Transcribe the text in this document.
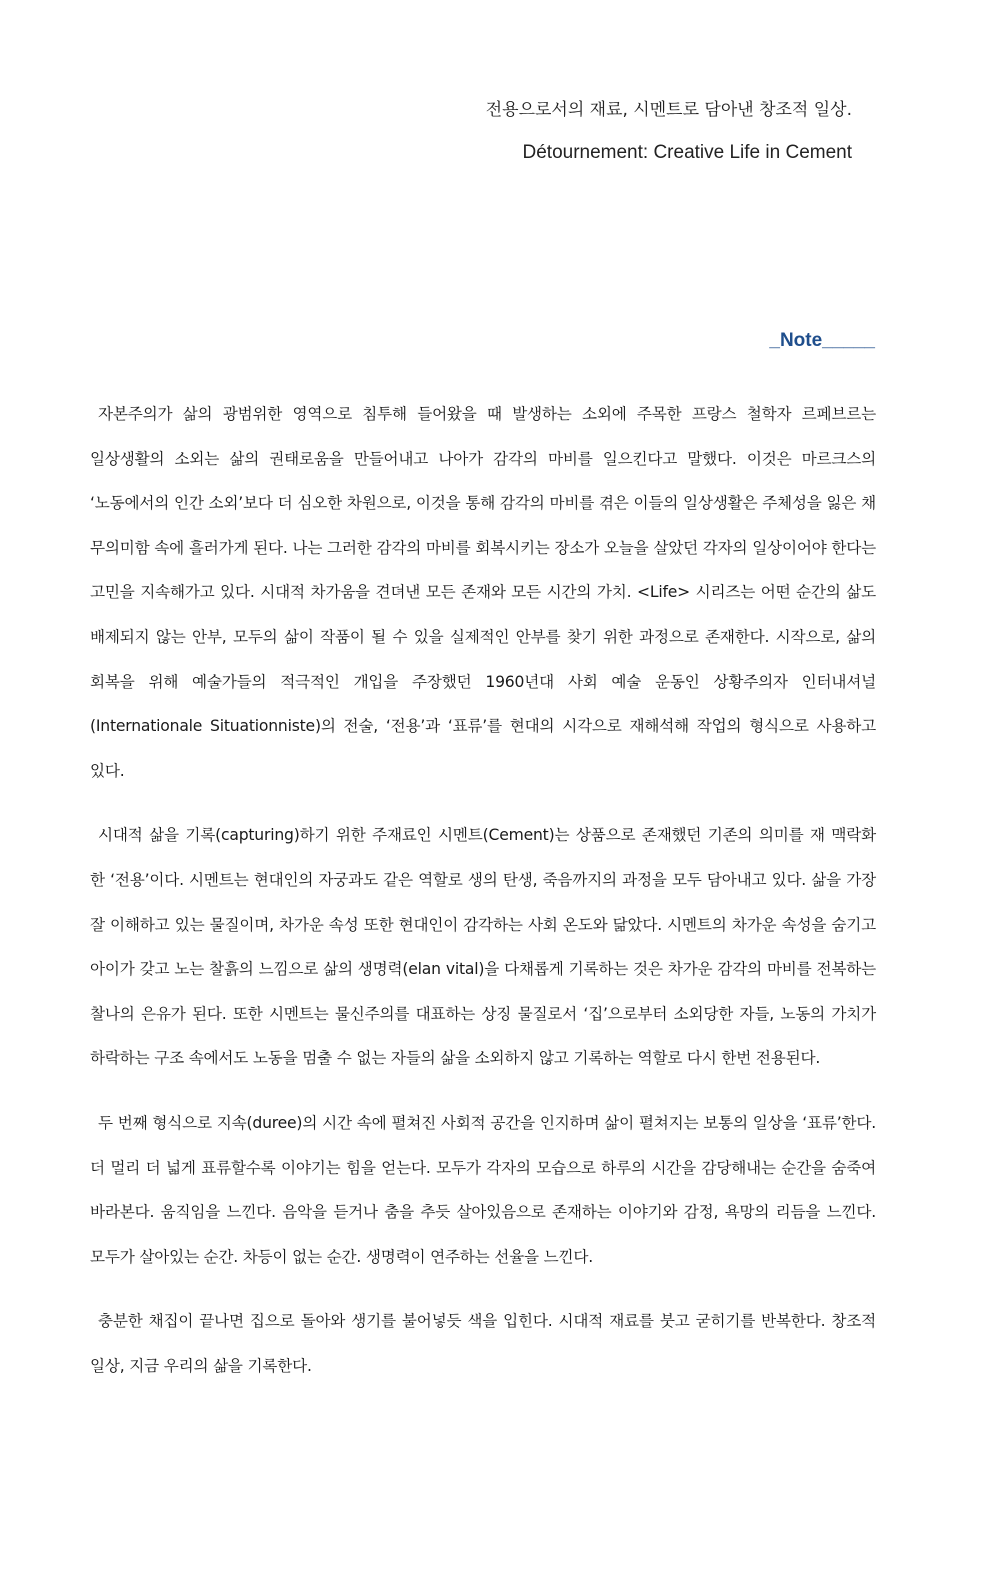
전용으로서의 재료, 시멘트로 담아낸 창조적 일상.

Détournement: Creative Life in Cement

_Note_____

자본주의가 삶의 광범위한 영역으로 침투해 들어왔을 때 발생하는 소외에 주목한 프랑스 철학자 르페브르는 일상생활의 소외는 삶의 권태로움을 만들어내고 나아가 감각의 마비를 일으킨다고 말했다. 이것은 마르크스의 ‘노동에서의 인간 소외’보다 더 심오한 차원으로, 이것을 통해 감각의 마비를 겪은 이들의 일상생활은 주체성을 잃은 채 무의미함 속에 흘러가게 된다. 나는 그러한 감각의 마비를 회복시키는 장소가 오늘을 살았던 각자의 일상이어야 한다는 고민을 지속해가고 있다. 시대적 차가움을 견뎌낸 모든 존재와 모든 시간의 가치. <Life> 시리즈는 어떤 순간의 삶도 배제되지 않는 안부, 모두의 삶이 작품이 될 수 있을 실제적인 안부를 찾기 위한 과정으로 존재한다. 시작으로, 삶의 회복을 위해 예술가들의 적극적인 개입을 주장했던 1960년대 사회 예술 운동인 상황주의자 인터내셔널(Internationale Situationniste)의 전술, ‘전용’과 ‘표류’를 현대의 시각으로 재해석해 작업의 형식으로 사용하고 있다.

시대적 삶을 기록(capturing)하기 위한 주재료인 시멘트(Cement)는 상품으로 존재했던 기존의 의미를 재 맥락화 한 ‘전용’이다. 시멘트는 현대인의 자궁과도 같은 역할로 생의 탄생, 죽음까지의 과정을 모두 담아내고 있다. 삶을 가장 잘 이해하고 있는 물질이며, 차가운 속성 또한 현대인이 감각하는 사회 온도와 닮았다. 시멘트의 차가운 속성을 숨기고 아이가 갖고 노는 찰흙의 느낌으로 삶의 생명력(elan vital)을 다채롭게 기록하는 것은 차가운 감각의 마비를 전복하는 찰나의 은유가 된다. 또한 시멘트는 물신주의를 대표하는 상징 물질로서 ‘집’으로부터 소외당한 자들, 노동의 가치가 하락하는 구조 속에서도 노동을 멈출 수 없는 자들의 삶을 소외하지 않고 기록하는 역할로 다시 한번 전용된다.

두 번째 형식으로 지속(duree)의 시간 속에 펼쳐진 사회적 공간을 인지하며 삶이 펼쳐지는 보통의 일상을 ‘표류’한다. 더 멀리 더 넓게 표류할수록 이야기는 힘을 얻는다. 모두가 각자의 모습으로 하루의 시간을 감당해내는 순간을 숨죽여 바라본다. 움직임을 느낀다. 음악을 듣거나 춤을 추듯 살아있음으로 존재하는 이야기와 감정, 욕망의 리듬을 느낀다. 모두가 살아있는 순간. 차등이 없는 순간. 생명력이 연주하는 선율을 느낀다.

충분한 채집이 끝나면 집으로 돌아와 생기를 불어넣듯 색을 입힌다. 시대적 재료를 붓고 굳히기를 반복한다. 창조적 일상, 지금 우리의 삶을 기록한다.
